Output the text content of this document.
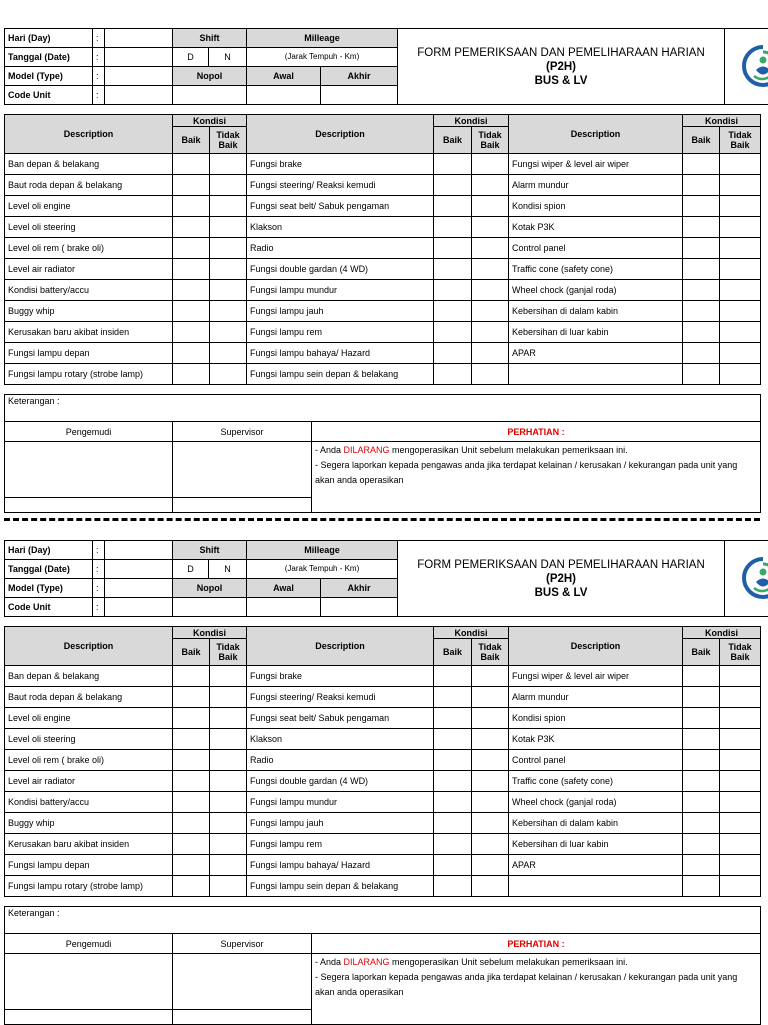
Hari (Day)	:		Shift		Milleage		FORM PEMERIKSAAN DAN PEMELIHARAAN HARIAN
(P2H)
BUS & LV

Tanggal (Date)	:		D	N	(Jarak Tempuh - Km)			
Model (Type)	:		Nopol		Awal	Akhir		
Code Unit	:							
Description	Kondisi		Description	Kondisi		Description	Kondisi	
	Baik	Tidak Baik		Baik	Tidak Baik		Baik	Tidak Baik
Ban depan & belakang			Fungsi brake			Fungsi wiper & level air wiper		
Baut roda depan & belakang			Fungsi steering/ Reaksi kemudi			Alarm mundur		
Level oli engine			Fungsi seat belt/ Sabuk pengaman			Kondisi spion		
Level oli steering			Klakson			Kotak P3K		
Level oli rem ( brake oli)			Radio			Control panel		
Level air radiator			Fungsi double gardan (4 WD)			Traffic cone (safety cone)		
Kondisi battery/accu			Fungsi lampu mundur			Wheel chock (ganjal roda)		
Buggy whip			Fungsi lampu jauh			Kebersihan di dalam kabin		
Kerusakan baru akibat insiden			Fungsi lampu rem			Kebersihan di luar kabin		
Fungsi lampu depan			Fungsi lampu bahaya/ Hazard			APAR		
Fungsi lampu rotary (strobe lamp)			Fungsi lampu sein depan & belakang					
Keterangan :		
Pengemudi	Supervisor	PERHATIAN :

		- Anda DILARANG mengoperasikan Unit sebelum melakukan pemeriksaan ini.
- Segera laporkan kepada pengawas anda jika terdapat kelainan / kerusakan / kekurangan pada unit yang akan anda operasikan

Hari (Day)	:		Shift		Milleage		FORM PEMERIKSAAN DAN PEMELIHARAAN HARIAN
(P2H)
BUS & LV

Tanggal (Date)	:		D	N	(Jarak Tempuh - Km)			
Model (Type)	:		Nopol		Awal	Akhir		
Code Unit	:							
Description	Kondisi		Description	Kondisi		Description	Kondisi	
	Baik	Tidak Baik		Baik	Tidak Baik		Baik	Tidak Baik
Ban depan & belakang			Fungsi brake			Fungsi wiper & level air wiper		
Baut roda depan & belakang			Fungsi steering/ Reaksi kemudi			Alarm mundur		
Level oli engine			Fungsi seat belt/ Sabuk pengaman			Kondisi spion		
Level oli steering			Klakson			Kotak P3K		
Level oli rem ( brake oli)			Radio			Control panel		
Level air radiator			Fungsi double gardan (4 WD)			Traffic cone (safety cone)		
Kondisi battery/accu			Fungsi lampu mundur			Wheel chock (ganjal roda)		
Buggy whip			Fungsi lampu jauh			Kebersihan di dalam kabin		
Kerusakan baru akibat insiden			Fungsi lampu rem			Kebersihan di luar kabin		
Fungsi lampu depan			Fungsi lampu bahaya/ Hazard			APAR		
Fungsi lampu rotary (strobe lamp)			Fungsi lampu sein depan & belakang					
Keterangan :		
Pengemudi	Supervisor	PERHATIAN :

		- Anda DILARANG mengoperasikan Unit sebelum melakukan pemeriksaan ini.
- Segera laporkan kepada pengawas anda jika terdapat kelainan / kerusakan / kekurangan pada unit yang akan anda operasikan
